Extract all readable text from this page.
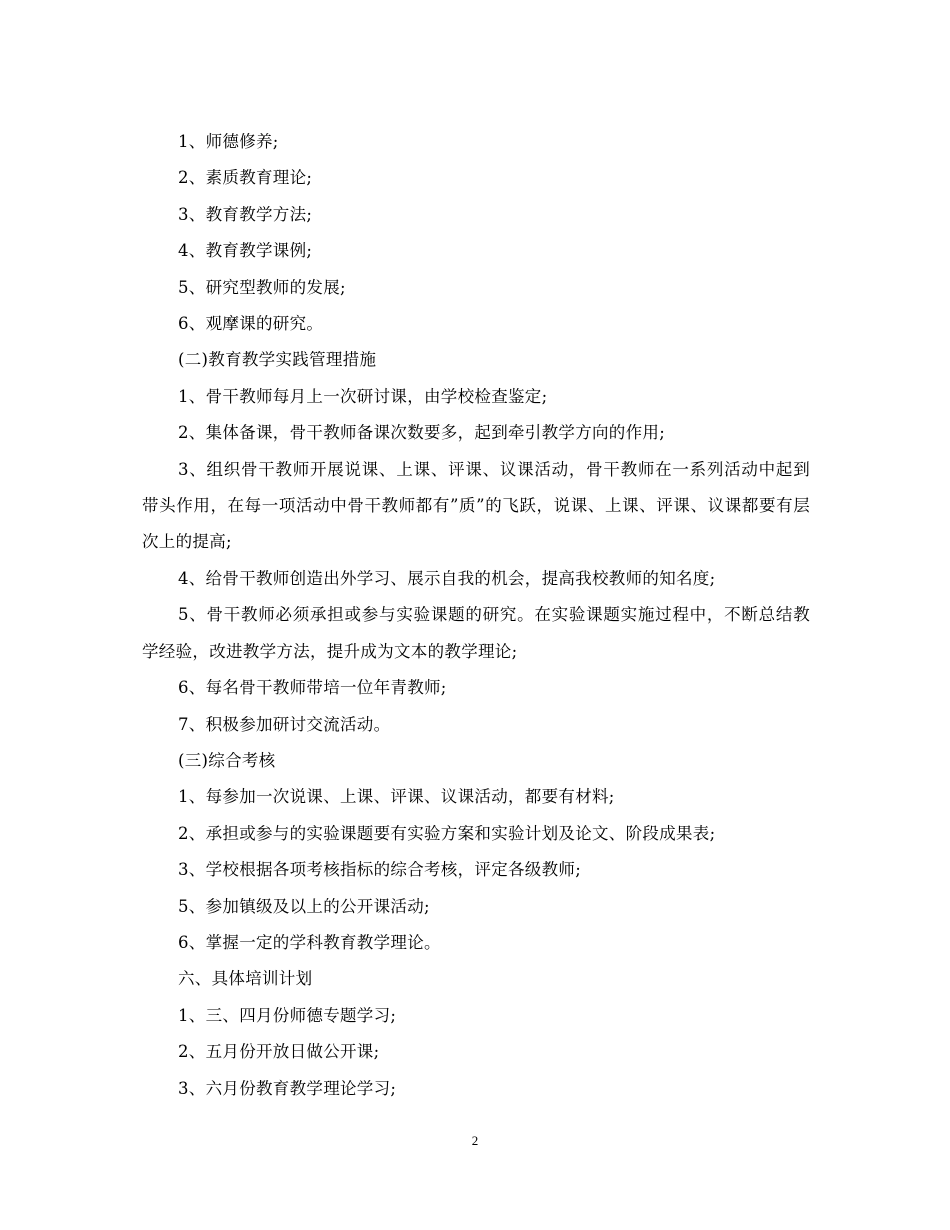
1、师德修养;

2、素质教育理论;

3、教育教学方法;

4、教育教学课例;

5、研究型教师的发展;

6、观摩课的研究。

(二)教育教学实践管理措施

1、骨干教师每月上一次研讨课，由学校检查鉴定;

2、集体备课，骨干教师备课次数要多，起到牵引教学方向的作用;

3、组织骨干教师开展说课、上课、评课、议课活动，骨干教师在一系列活动中起到带头作用，在每一项活动中骨干教师都有”质”的飞跃，说课、上课、评课、议课都要有层次上的提高;

4、给骨干教师创造出外学习、展示自我的机会，提高我校教师的知名度;

5、骨干教师必须承担或参与实验课题的研究。在实验课题实施过程中，不断总结教学经验，改进教学方法，提升成为文本的教学理论;

6、每名骨干教师带培一位年青教师;

7、积极参加研讨交流活动。

(三)综合考核

1、每参加一次说课、上课、评课、议课活动，都要有材料;

2、承担或参与的实验课题要有实验方案和实验计划及论文、阶段成果表;

3、学校根据各项考核指标的综合考核，评定各级教师;

5、参加镇级及以上的公开课活动;

6、掌握一定的学科教育教学理论。

六、具体培训计划

1、三、四月份师德专题学习;

2、五月份开放日做公开课;

3、六月份教育教学理论学习;

2
